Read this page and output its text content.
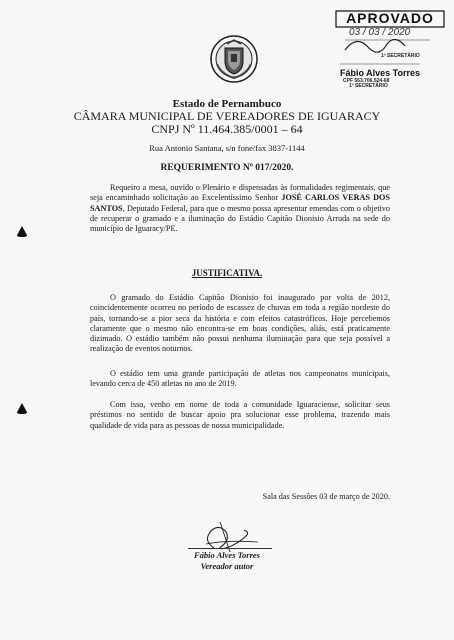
APROVADO
03 / 03 / 2020
1º SECRETÁRIO
Fábio Alves Torres
CPF 563.706.524-68
1º SECRETÁRIO
Estado de Pernambuco
CÂMARA MUNICIPAL DE VEREADORES DE IGUARACY
CNPJ Nº 11.464.385/0001 – 64
Rua Antonio Santana, s/n fone/fax 3837-1144
REQUERIMENTO Nº 017/2020.

Requeiro a mesa, ouvido o Plenário e dispensadas às formalidades regimentais, que seja encaminhado solicitação ao Excelentíssimo Senhor JOSÉ CARLOS VERAS DOS SANTOS, Deputado Federal, para que o mesmo possa apresentar emendas com o objetivo de recuperar o gramado e a iluminação do Estádio Capitão Dionisio Arruda na sede do município de Iguaracy/PE.

JUSTIFICATIVA.

O gramado do Estádio Capitão Dionisio foi inaugurado por volta de 2012, coincidentemente ocorreu no período de escassez de chuvas em toda a região nordeste do país, tornando-se a pior seca da história e com efeitos catastróficos. Hoje percebemos claramente que o mesmo não encontra-se em boas condições, aliás, está praticamente dizimado. O estádio também não possui nenhuma iluminação para que seja possível a realização de eventos noturnos.

O estádio tem uma grande participação de atletas nos campeonatos municipais, levando cerca de 450 atletas no ano de 2019.

Com isso, venho em nome de toda a comunidade Iguaraciense, solicitar seus préstimos no sentido de buscar apoio pra solucionar esse problema, trazendo mais qualidade de vida para as pessoas de nossa municipalidade.

Sala das Sessões 03 de março de 2020.
Fábio Alves Torres
Vereador autor
